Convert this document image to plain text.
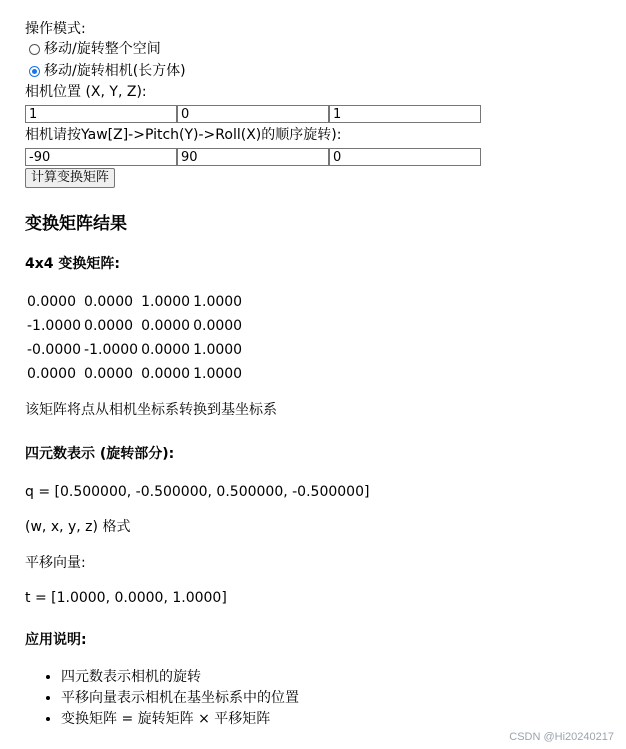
操作模式:
移动/旋转整个空间
移动/旋转相机(长方体)
相机位置 (X, Y, Z):
1
0
1
相机请按Yaw[Z]->Pitch(Y)->Roll(X)的顺序旋转):
-90
90
0
计算变换矩阵
变换矩阵结果
4x4 变换矩阵:
0.0000	0.0000	1.0000	1.0000
-1.0000	0.0000	0.0000	0.0000
-0.0000	-1.0000	0.0000	1.0000
0.0000	0.0000	0.0000	1.0000
该矩阵将点从相机坐标系转换到基坐标系
四元数表示 (旋转部分):
q = [0.500000, -0.500000, 0.500000, -0.500000]
(w, x, y, z) 格式
平移向量:
t = [1.0000, 0.0000, 1.0000]
应用说明:
• 四元数表示相机的旋转
• 平移向量表示相机在基坐标系中的位置
• 变换矩阵 = 旋转矩阵 × 平移矩阵
CSDN @Hi20240217
